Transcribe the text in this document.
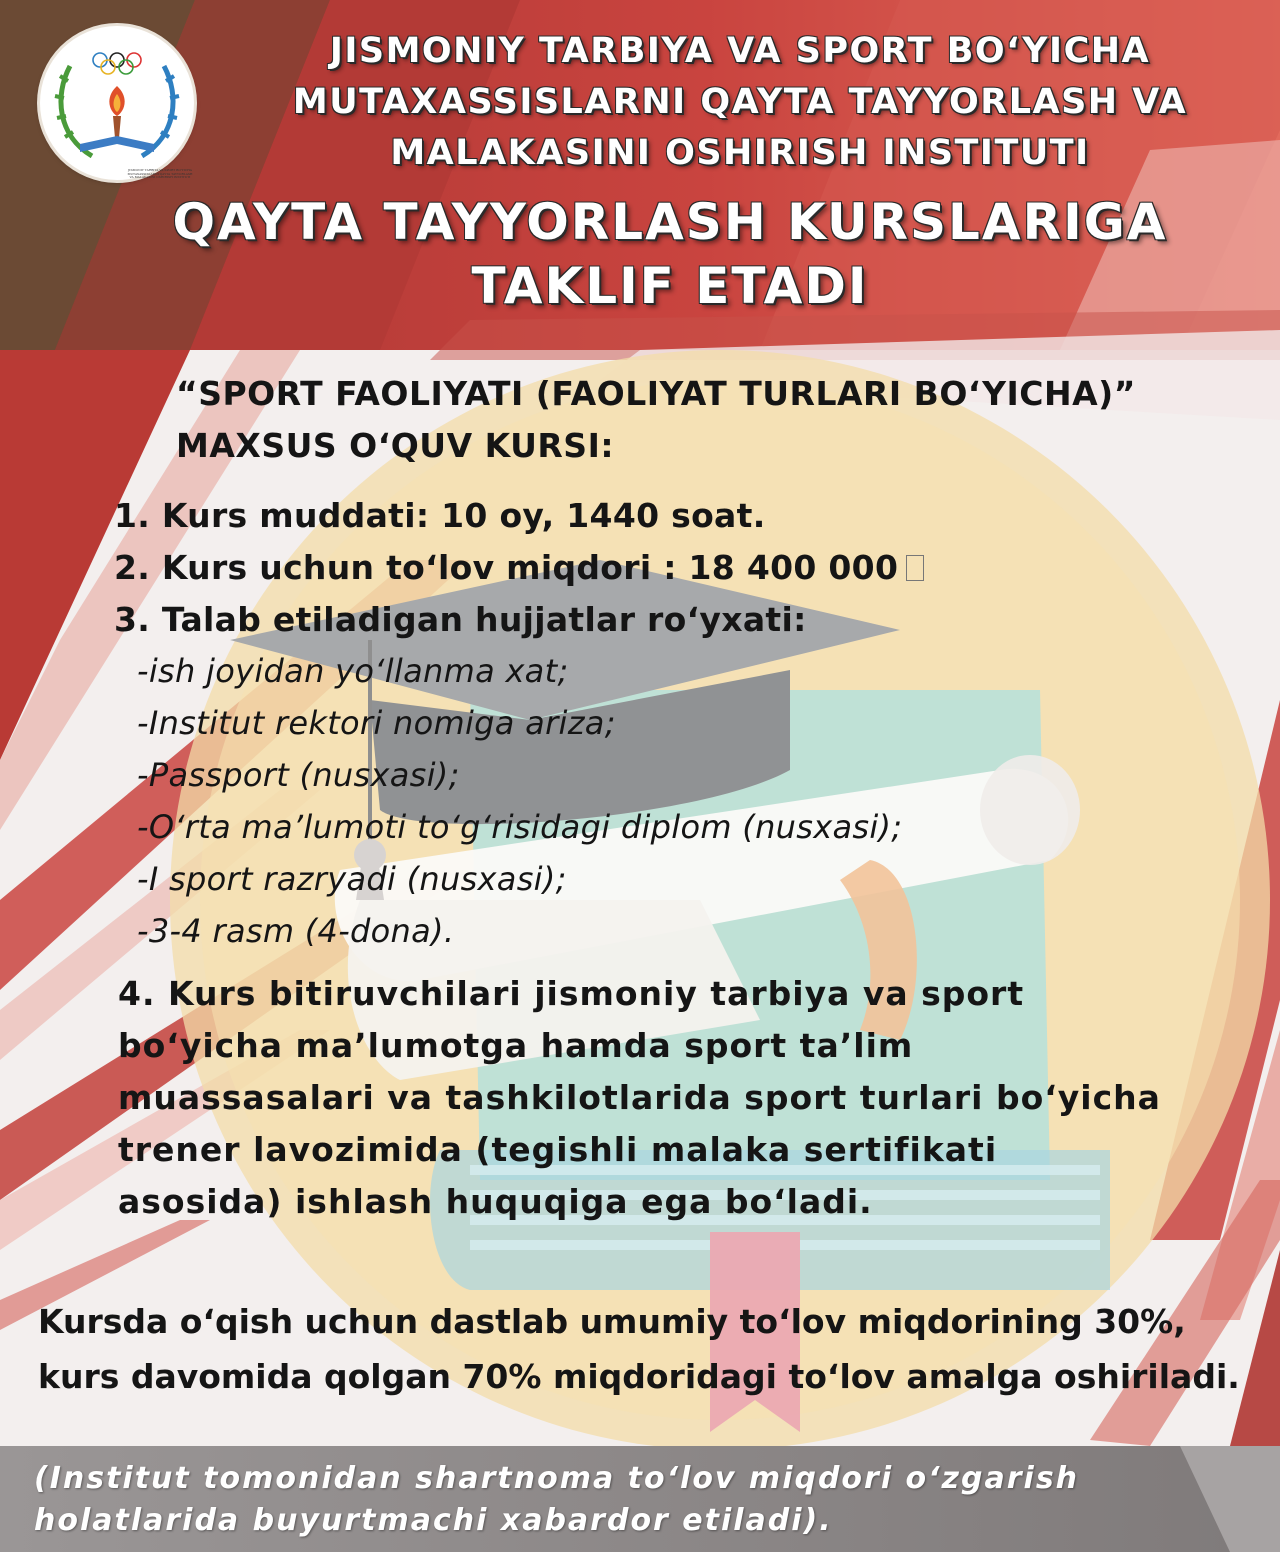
JISMONIY TARBIYA VA SPORT BO'YICHA
MUTAXASSISLARNI QAYTA TAYYORLASH
VA MALAKASINI OSHIRISH INSTITUTI
JISMONIY TARBIYA VA SPORT BO‘YICHA
MUTAXASSISLARNI QAYTA TAYYORLASH VA
MALAKASINI OSHIRISH INSTITUTI
QAYTA TAYYORLASH KURSLARIGA
TAKLIF ETADI
“SPORT FAOLIYATI (FAOLIYAT TURLARI BO‘YICHA)”
MAXSUS O‘QUV KURSI:
1. Kurs muddati: 10 oy, 1440 soat.
2. Kurs uchun to‘lov miqdori : 18 400 000
3. Talab etiladigan hujjatlar ro‘yxati:
-ish joyidan yo‘llanma xat;
-Institut rektori nomiga ariza;
-Passport (nusxasi);
-O‘rta ma’lumoti to‘g‘risidagi diplom (nusxasi);
-I sport razryadi (nusxasi);
-3-4 rasm (4-dona).
4. Kurs bitiruvchilari jismoniy tarbiya va sport
bo‘yicha ma’lumotga hamda sport ta’lim
muassasalari va tashkilotlarida sport turlari bo‘yicha
trener lavozimida (tegishli malaka sertifikati
asosida) ishlash huquqiga ega bo‘ladi.
Kursda o‘qish uchun dastlab umumiy to‘lov miqdorining 30%,
kurs davomida qolgan 70% miqdoridagi to‘lov amalga oshiriladi.
(Institut tomonidan shartnoma to‘lov miqdori o‘zgarish
holatlarida buyurtmachi xabardor etiladi).
